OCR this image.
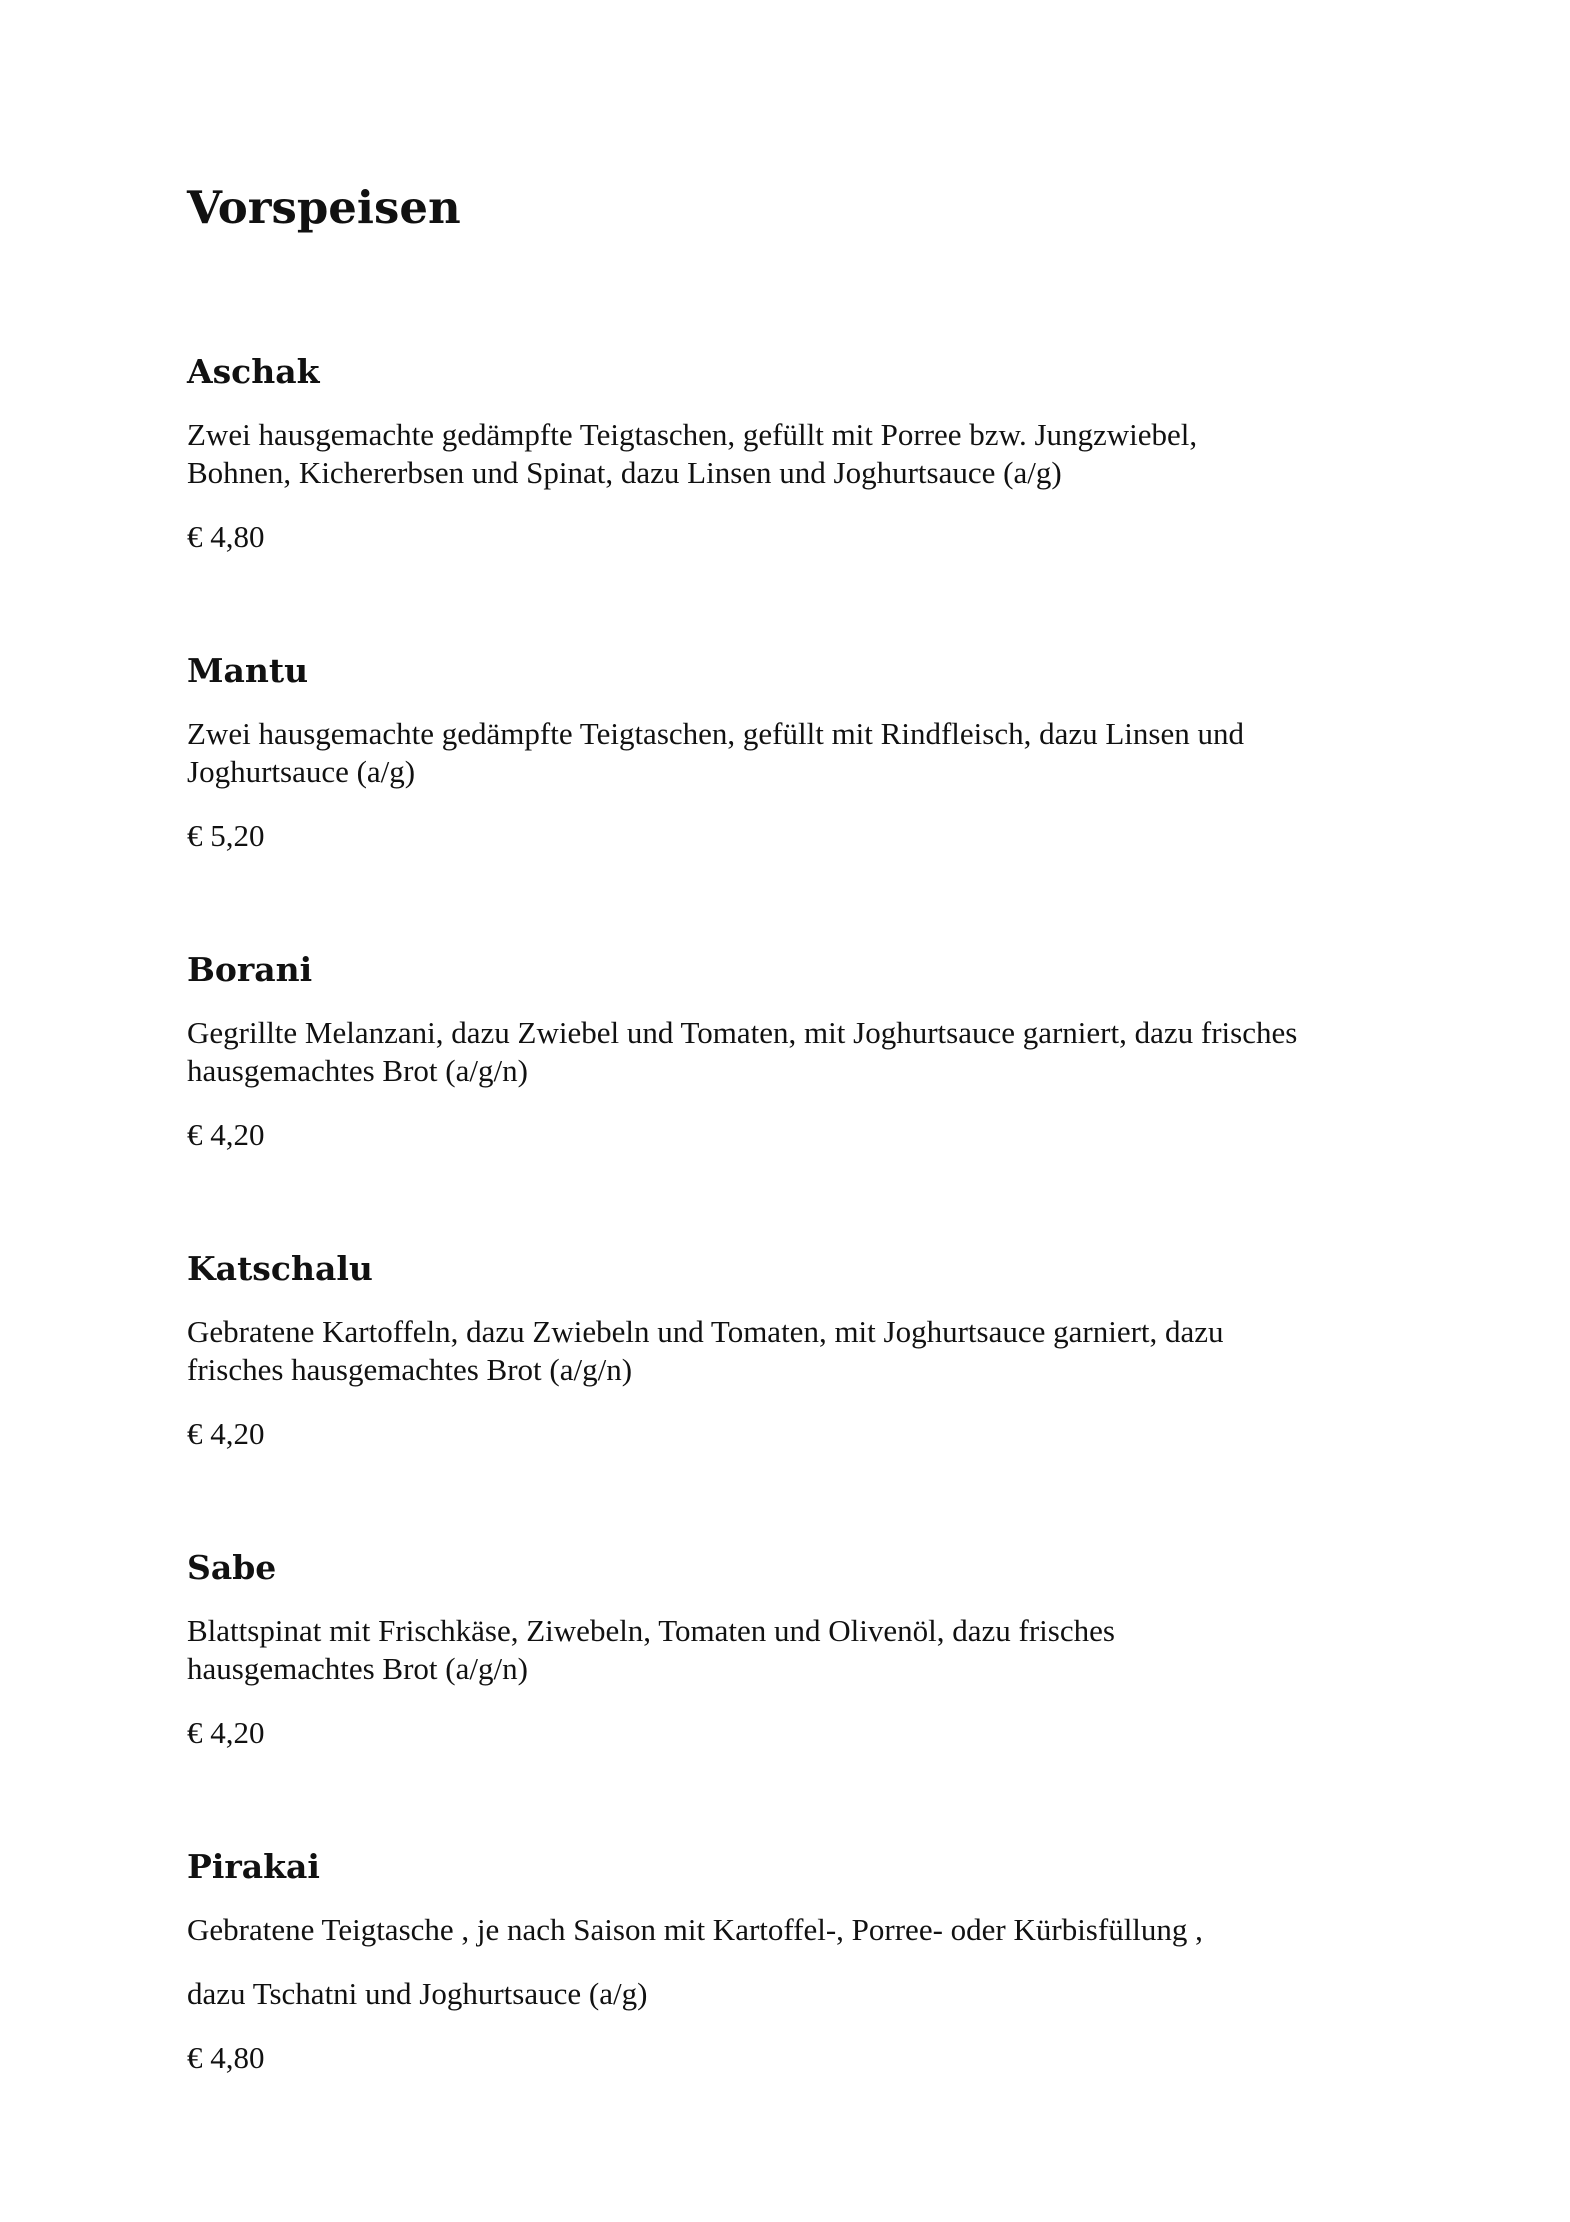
Vorspeisen
Aschak

Zwei hausgemachte gedämpfte Teigtaschen, gefüllt mit Porree bzw. Jungzwiebel,
Bohnen, Kichererbsen und Spinat, dazu Linsen und Joghurtsauce (a/g)

€ 4,80

Mantu

Zwei hausgemachte gedämpfte Teigtaschen, gefüllt mit Rindfleisch, dazu Linsen und
Joghurtsauce (a/g)

€ 5,20

Borani

Gegrillte Melanzani, dazu Zwiebel und Tomaten, mit Joghurtsauce garniert, dazu frisches
hausgemachtes Brot (a/g/n)

€ 4,20

Katschalu

Gebratene Kartoffeln, dazu Zwiebeln und Tomaten, mit Joghurtsauce garniert, dazu
frisches hausgemachtes Brot (a/g/n)

€ 4,20

Sabe

Blattspinat mit Frischkäse, Ziwebeln, Tomaten und Olivenöl, dazu frisches
hausgemachtes Brot (a/g/n)

€ 4,20

Pirakai

Gebratene Teigtasche , je nach Saison mit Kartoffel-, Porree- oder Kürbisfüllung ,
dazu Tschatni und Joghurtsauce (a/g)

€ 4,80
